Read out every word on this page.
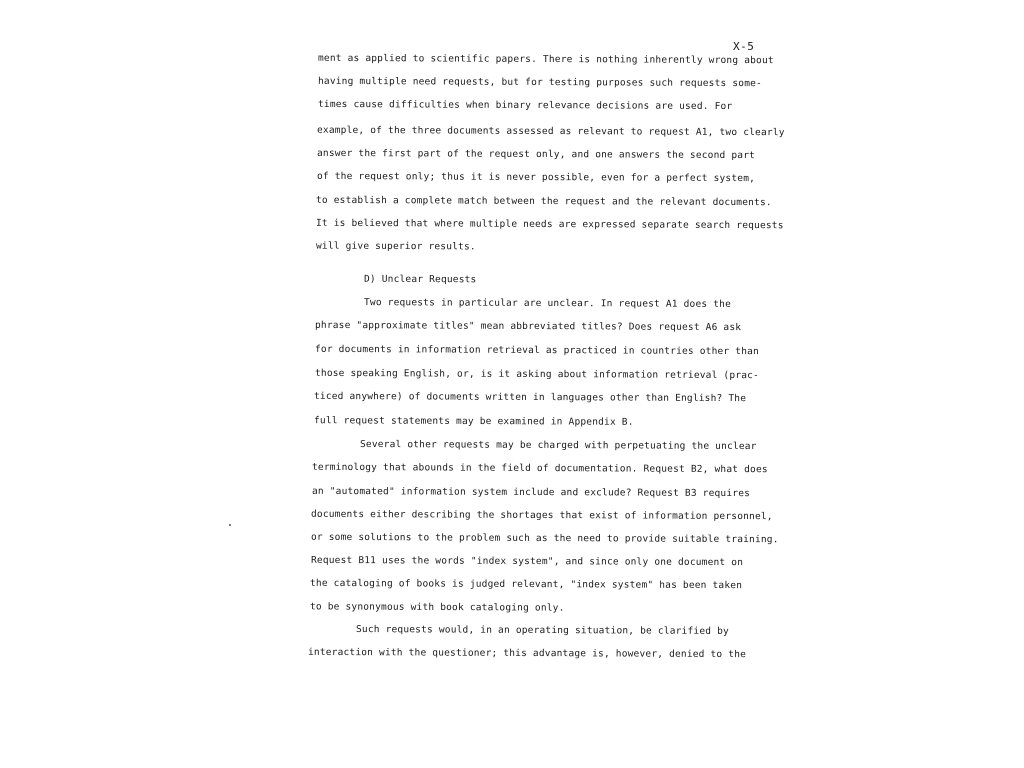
X-5
ment as applied to scientific papers. There is nothing inherently wrong about
having multiple need requests, but for testing purposes such requests some-
times cause difficulties when binary relevance decisions are used. For
example, of the three documents assessed as relevant to request A1, two clearly
answer the first part of the request only, and one answers the second part
of the request only; thus it is never possible, even for a perfect system,
to establish a complete match between the request and the relevant documents.
It is believed that where multiple needs are expressed separate search requests
will give superior results.
D) Unclear Requests
Two requests in particular are unclear. In request A1 does the
phrase "approximate titles" mean abbreviated titles? Does request A6 ask
for documents in information retrieval as practiced in countries other than
those speaking English, or, is it asking about information retrieval (prac-
ticed anywhere) of documents written in languages other than English? The
full request statements may be examined in Appendix B.
Several other requests may be charged with perpetuating the unclear
terminology that abounds in the field of documentation. Request B2, what does
an "automated" information system include and exclude? Request B3 requires
documents either describing the shortages that exist of information personnel,
or some solutions to the problem such as the need to provide suitable training.
Request B11 uses the words "index system", and since only one document on
the cataloging of books is judged relevant, "index system" has been taken
to be synonymous with book cataloging only.
Such requests would, in an operating situation, be clarified by
interaction with the questioner; this advantage is, however, denied to the
